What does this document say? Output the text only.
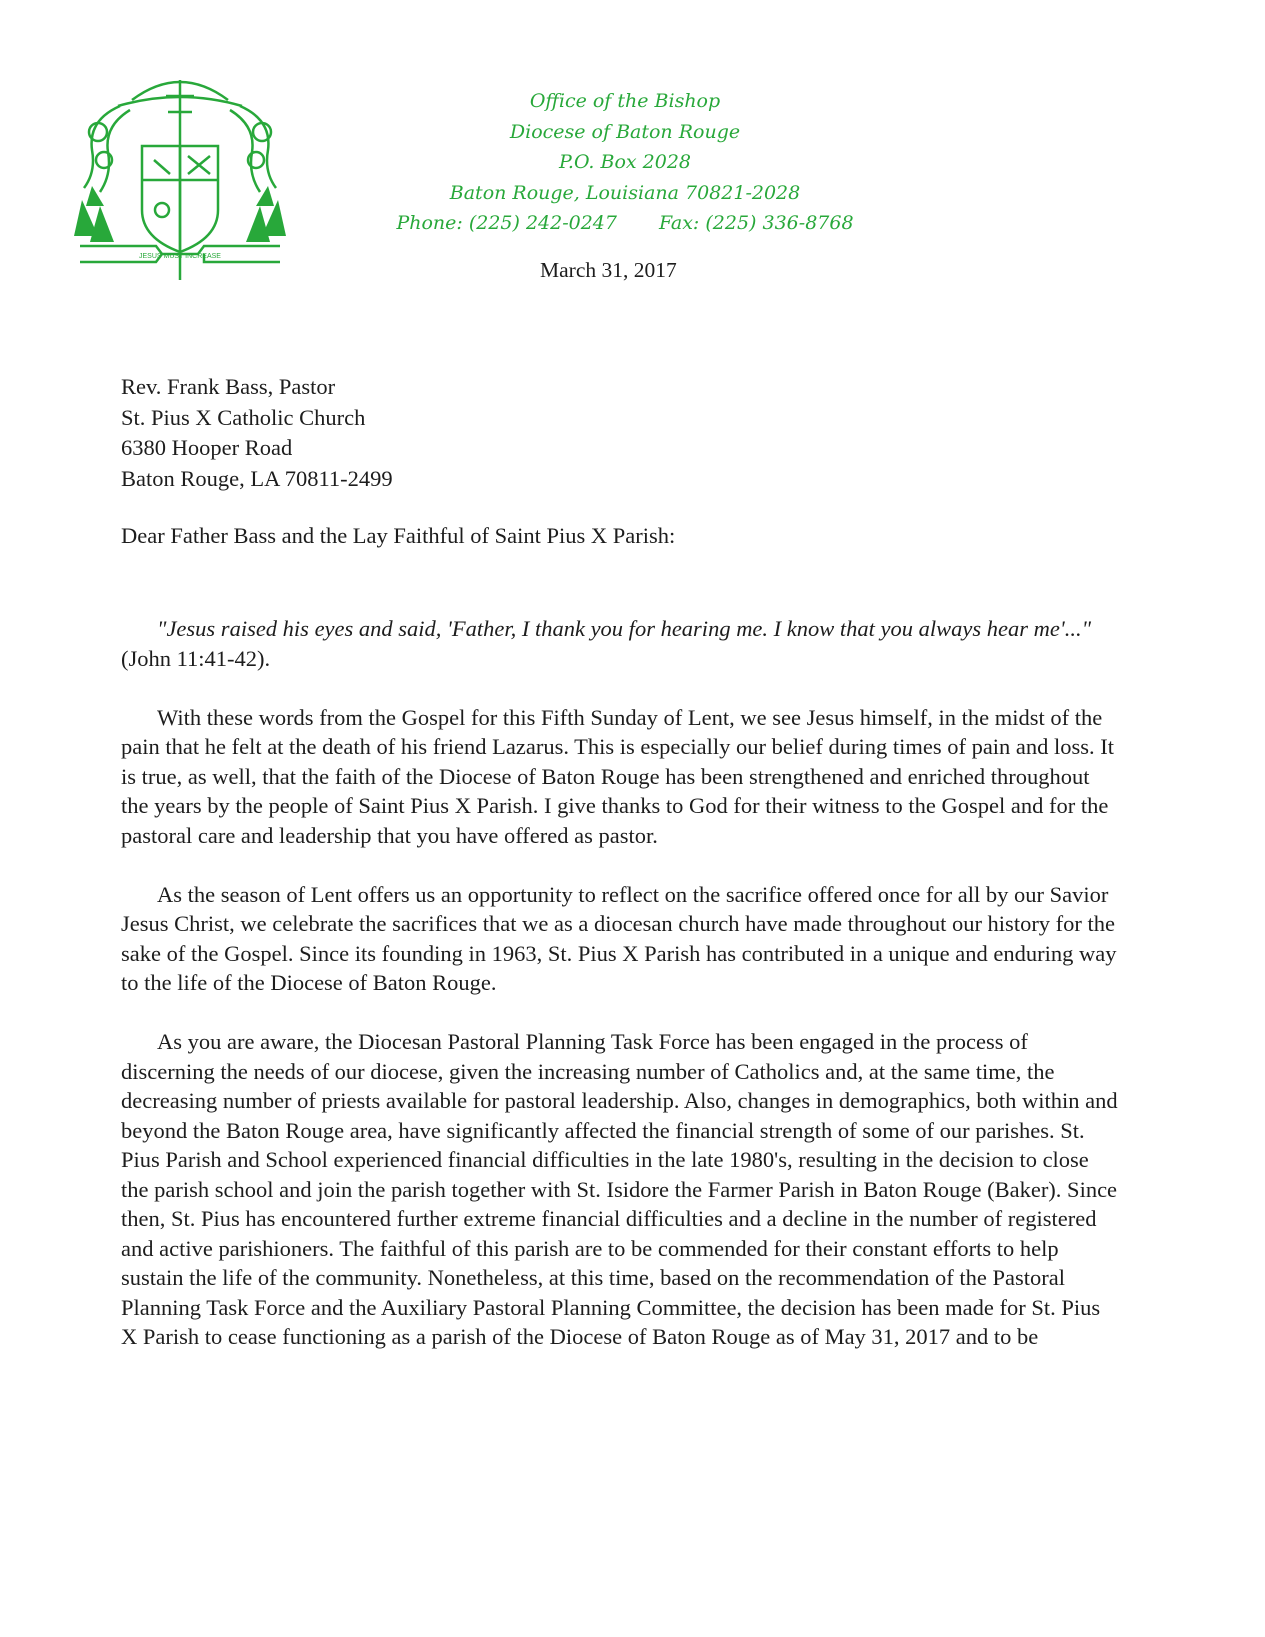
JESUS MUST INCREASE
Office of the Bishop
Diocese of Baton Rouge
P.O. Box 2028
Baton Rouge, Louisiana 70821-2028
Phone: (225) 242-0247 Fax: (225) 336-8768
March 31, 2017
Rev. Frank Bass, Pastor
St. Pius X Catholic Church
6380 Hooper Road
Baton Rouge, LA 70811-2499
Dear Father Bass and the Lay Faithful of Saint Pius X Parish:

"Jesus raised his eyes and said, 'Father, I thank you for hearing me. I know that you always hear me'..." (John 11:41-42).

With these words from the Gospel for this Fifth Sunday of Lent, we see Jesus himself, in the midst of the pain that he felt at the death of his friend Lazarus. This is especially our belief during times of pain and loss. It is true, as well, that the faith of the Diocese of Baton Rouge has been strengthened and enriched throughout the years by the people of Saint Pius X Parish. I give thanks to God for their witness to the Gospel and for the pastoral care and leadership that you have offered as pastor.

As the season of Lent offers us an opportunity to reflect on the sacrifice offered once for all by our Savior Jesus Christ, we celebrate the sacrifices that we as a diocesan church have made throughout our history for the sake of the Gospel. Since its founding in 1963, St. Pius X Parish has contributed in a unique and enduring way to the life of the Diocese of Baton Rouge.

As you are aware, the Diocesan Pastoral Planning Task Force has been engaged in the process of discerning the needs of our diocese, given the increasing number of Catholics and, at the same time, the decreasing number of priests available for pastoral leadership. Also, changes in demographics, both within and beyond the Baton Rouge area, have significantly affected the financial strength of some of our parishes. St. Pius Parish and School experienced financial difficulties in the late 1980's, resulting in the decision to close the parish school and join the parish together with St. Isidore the Farmer Parish in Baton Rouge (Baker). Since then, St. Pius has encountered further extreme financial difficulties and a decline in the number of registered and active parishioners. The faithful of this parish are to be commended for their constant efforts to help sustain the life of the community. Nonetheless, at this time, based on the recommendation of the Pastoral Planning Task Force and the Auxiliary Pastoral Planning Committee, the decision has been made for St. Pius X Parish to cease functioning as a parish of the Diocese of Baton Rouge as of May 31, 2017 and to be
